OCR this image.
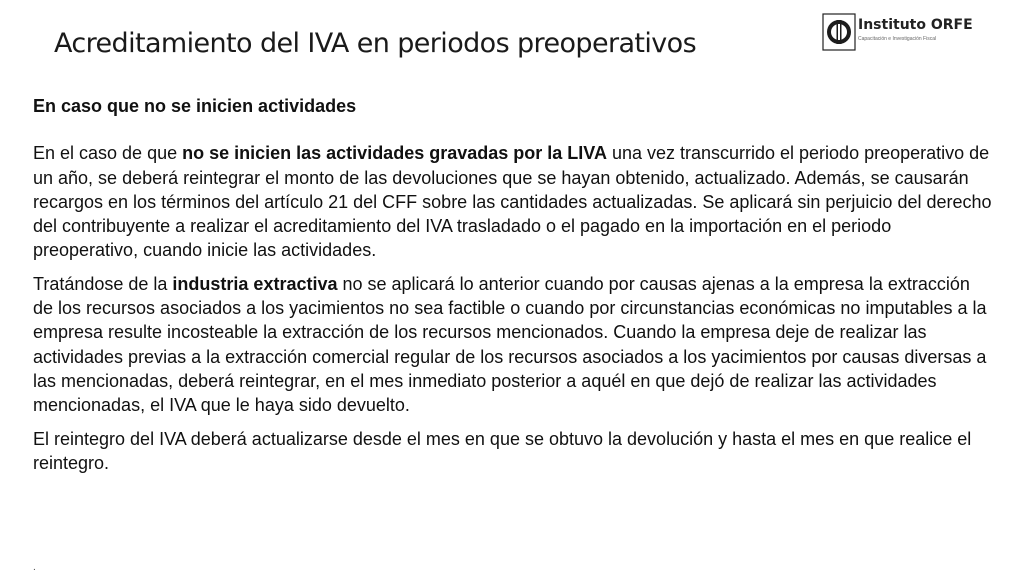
Acreditamiento del IVA en periodos preoperativos
Instituto ORFE
Capacitación e Investigación Fiscal
En caso que no se inicien actividades

En el caso de que no se inicien las actividades gravadas por la LIVA una vez transcurrido el periodo preoperativo de un año, se deberá reintegrar el monto de las devoluciones que se hayan obtenido, actualizado. Además, se causarán recargos en los términos del artículo 21 del CFF sobre las cantidades actualizadas. Se aplicará sin perjuicio del derecho del contribuyente a realizar el acreditamiento del IVA trasladado o el pagado en la importación en el periodo preoperativo, cuando inicie las actividades.

Tratándose de la industria extractiva no se aplicará lo anterior cuando por causas ajenas a la empresa la extracción de los recursos asociados a los yacimientos no sea factible o cuando por circunstancias económicas no imputables a la empresa resulte incosteable la extracción de los recursos mencionados. Cuando la empresa deje de realizar las actividades previas a la extracción comercial regular de los recursos asociados a los yacimientos por causas diversas a las mencionadas, deberá reintegrar, en el mes inmediato posterior a aquél en que dejó de realizar las actividades mencionadas, el IVA que le haya sido devuelto.

El reintegro del IVA deberá actualizarse desde el mes en que se obtuvo la devolución y hasta el mes en que realice el reintegro.

.
